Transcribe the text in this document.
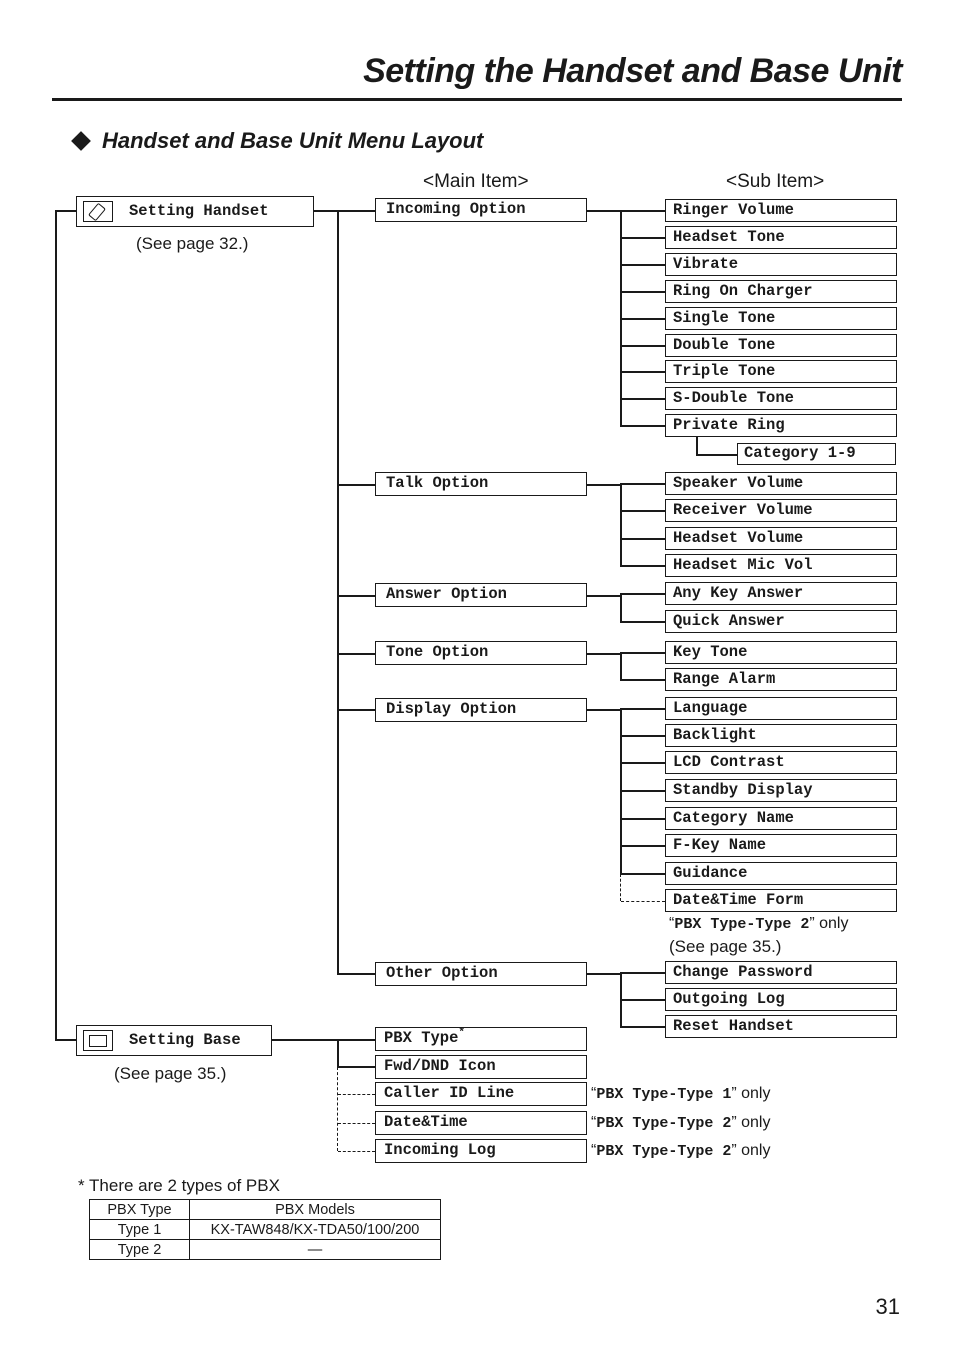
Setting the Handset and Base Unit
Handset and Base Unit Menu Layout
<Main Item>	<Sub Item>
Setting Handset
(See page 32.)
Setting Base
(See page 35.)
Incoming Option
Talk Option
Answer Option
Tone Option
Display Option
Other Option
PBX Type*
Fwd/DND Icon
Caller ID Line
Date&Time
Incoming Log
Ringer Volume
Headset Tone
Vibrate
Ring On Charger
Single Tone
Double Tone
Triple Tone
S-Double Tone
Private Ring
Speaker Volume
Receiver Volume
Headset Volume
Headset Mic Vol
Any Key Answer
Quick Answer
Key Tone
Range Alarm
Language
Backlight
LCD Contrast
Standby Display
Category Name
F-Key Name
Guidance
Date&Time Form
Change Password
Outgoing Log
Reset Handset
Category 1-9
“PBX Type-Type 2” only
(See page 35.)
“PBX Type-Type 1” only
“PBX Type-Type 2” only
“PBX Type-Type 2” only
* There are 2 types of PBX
PBX Type	PBX Models
Type 1	KX-TAW848/KX-TDA50/100/200
Type 2	—
31
